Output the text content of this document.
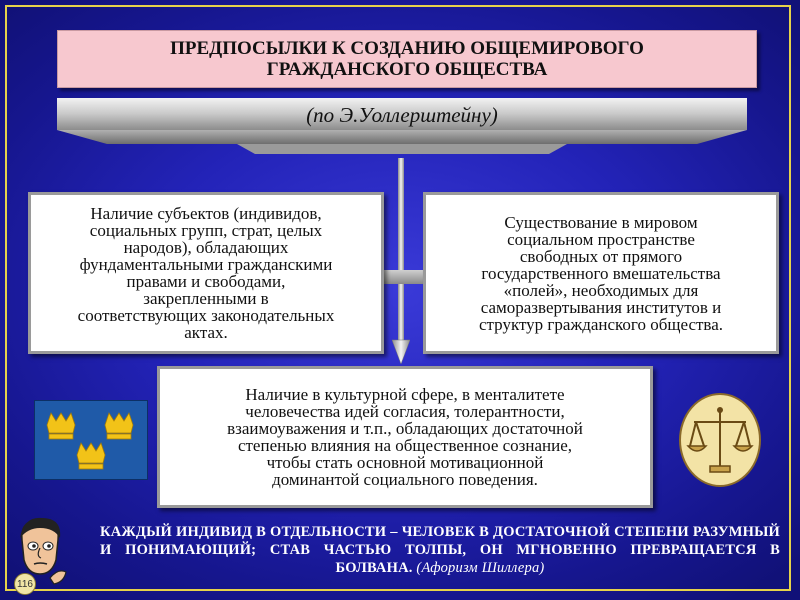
ПРЕДПОСЫЛКИ К СОЗДАНИЮ ОБЩЕМИРОВОГО
ГРАЖДАНСКОГО ОБЩЕСТВА
(по Э.Уоллерштейну)
Наличие субъектов (индивидов,
социальных групп, страт, целых
народов), обладающих
фундаментальными гражданскими
правами и свободами,
закрепленными в
соответствующих законодательных
актах.
Существование в мировом
социальном пространстве
свободных от прямого
государственного вмешательства
«полей», необходимых для
саморазвертывания институтов и
структур гражданского общества.
Наличие в культурной сфере, в менталитете
человечества идей согласия, толерантности,
взаимоуважения и т.п., обладающих достаточной
степенью влияния на общественное сознание,
чтобы стать основной мотивационной
доминантой социального поведения.
116
КАЖДЫЙ ИНДИВИД В ОТДЕЛЬНОСТИ – ЧЕЛОВЕК В ДОСТАТОЧНОЙ СТЕПЕНИ РАЗУМНЫЙ И ПОНИМАЮЩИЙ; СТАВ ЧАСТЬЮ ТОЛПЫ, ОН МГНОВЕННО ПРЕВРАЩАЕТСЯ В БОЛВАНА. (Афоризм Шиллера)
